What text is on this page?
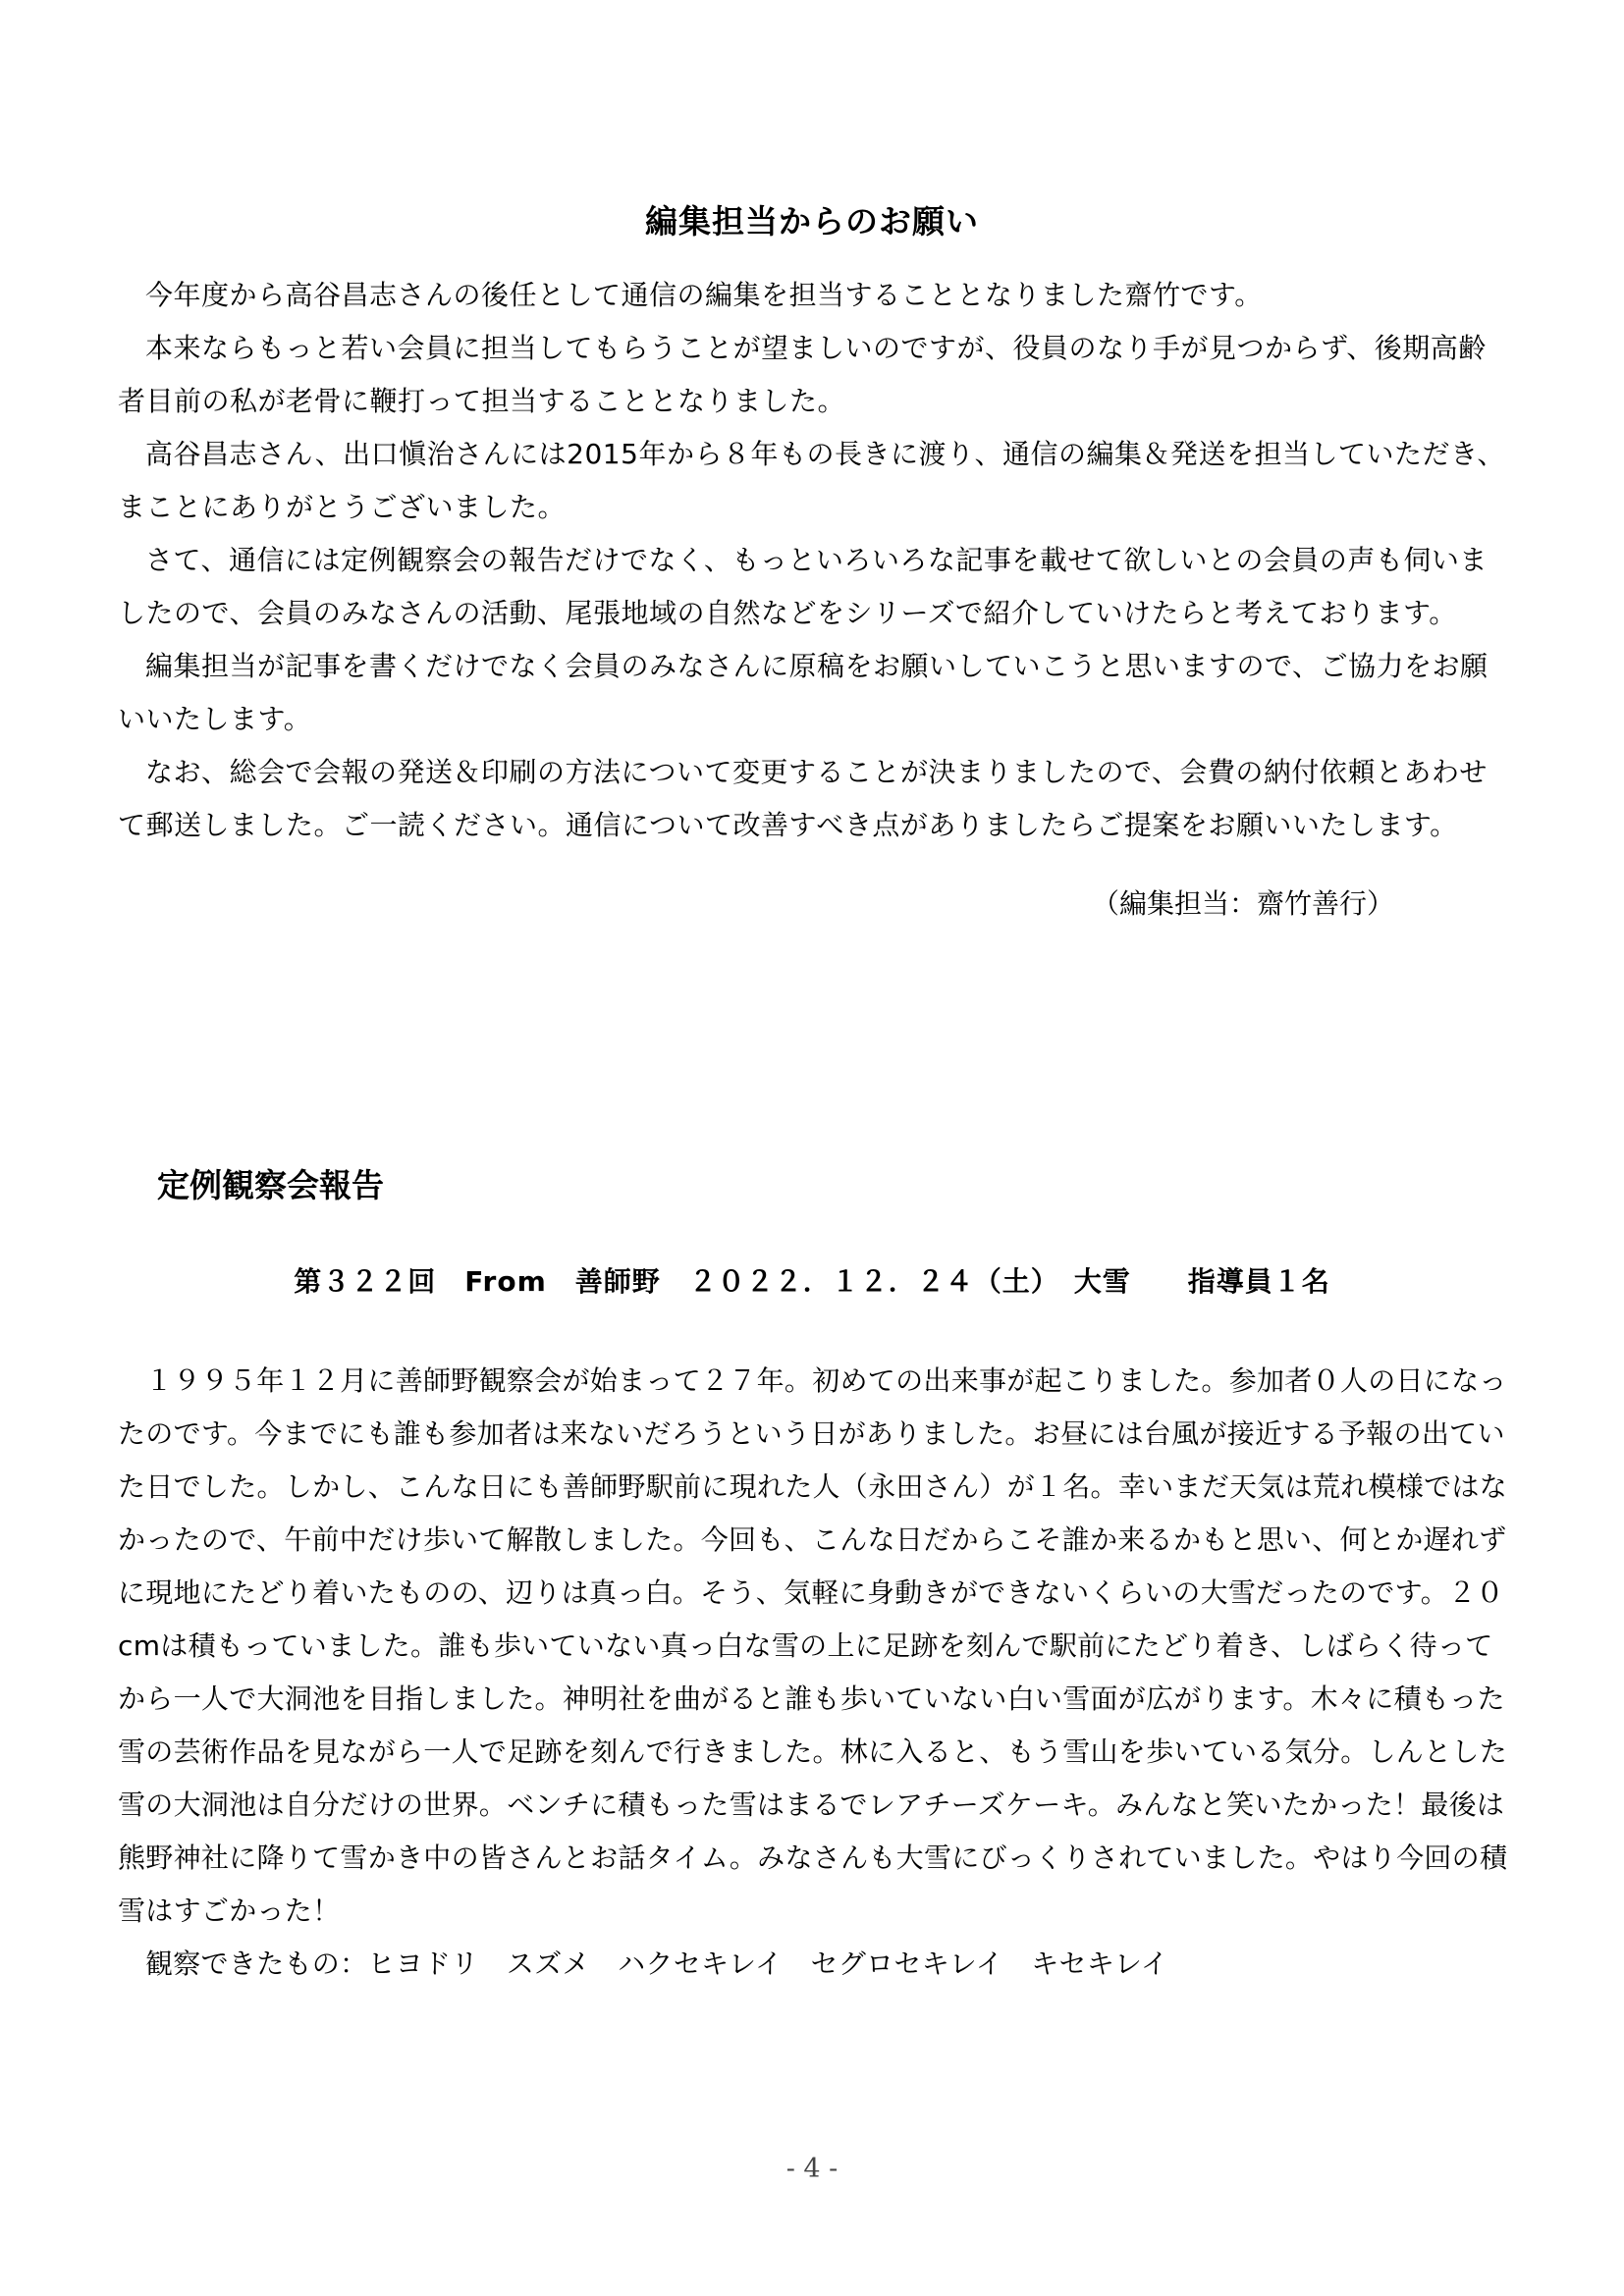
編集担当からのお願い

今年度から高谷昌志さんの後任として通信の編集を担当することとなりました齋竹です。

本来ならもっと若い会員に担当してもらうことが望ましいのですが、役員のなり手が見つからず、後期高齢者目前の私が老骨に鞭打って担当することとなりました。

高谷昌志さん、出口愼治さんには2015年から８年もの長きに渡り、通信の編集＆発送を担当していただき、まことにありがとうございました。

さて、通信には定例観察会の報告だけでなく、もっといろいろな記事を載せて欲しいとの会員の声も伺いましたので、会員のみなさんの活動、尾張地域の自然などをシリーズで紹介していけたらと考えております。

編集担当が記事を書くだけでなく会員のみなさんに原稿をお願いしていこうと思いますので、ご協力をお願いいたします。

なお、総会で会報の発送＆印刷の方法について変更することが決まりましたので、会費の納付依頼とあわせて郵送しました。ご一読ください。通信について改善すべき点がありましたらご提案をお願いいたします。

（編集担当：齋竹善行）
定例観察会報告
第３２２回　From　善師野　２０２２．１２．２４（土）　大雪　　指導員１名

１９９５年１２月に善師野観察会が始まって２７年。初めての出来事が起こりました。参加者０人の日になったのです。今までにも誰も参加者は来ないだろうという日がありました。お昼には台風が接近する予報の出ていた日でした。しかし、こんな日にも善師野駅前に現れた人（永田さん）が１名。幸いまだ天気は荒れ模様ではなかったので、午前中だけ歩いて解散しました。今回も、こんな日だからこそ誰か来るかもと思い、何とか遅れずに現地にたどり着いたものの、辺りは真っ白。そう、気軽に身動きができないくらいの大雪だったのです。２０cmは積もっていました。誰も歩いていない真っ白な雪の上に足跡を刻んで駅前にたどり着き、しばらく待ってから一人で大洞池を目指しました。神明社を曲がると誰も歩いていない白い雪面が広がります。木々に積もった雪の芸術作品を見ながら一人で足跡を刻んで行きました。林に入ると、もう雪山を歩いている気分。しんとした雪の大洞池は自分だけの世界。ベンチに積もった雪はまるでレアチーズケーキ。みんなと笑いたかった！最後は熊野神社に降りて雪かき中の皆さんとお話タイム。みなさんも大雪にびっくりされていました。やはり今回の積雪はすごかった！

観察できたもの：ヒヨドリ　スズメ　ハクセキレイ　セグロセキレイ　キセキレイ

- 4 -
